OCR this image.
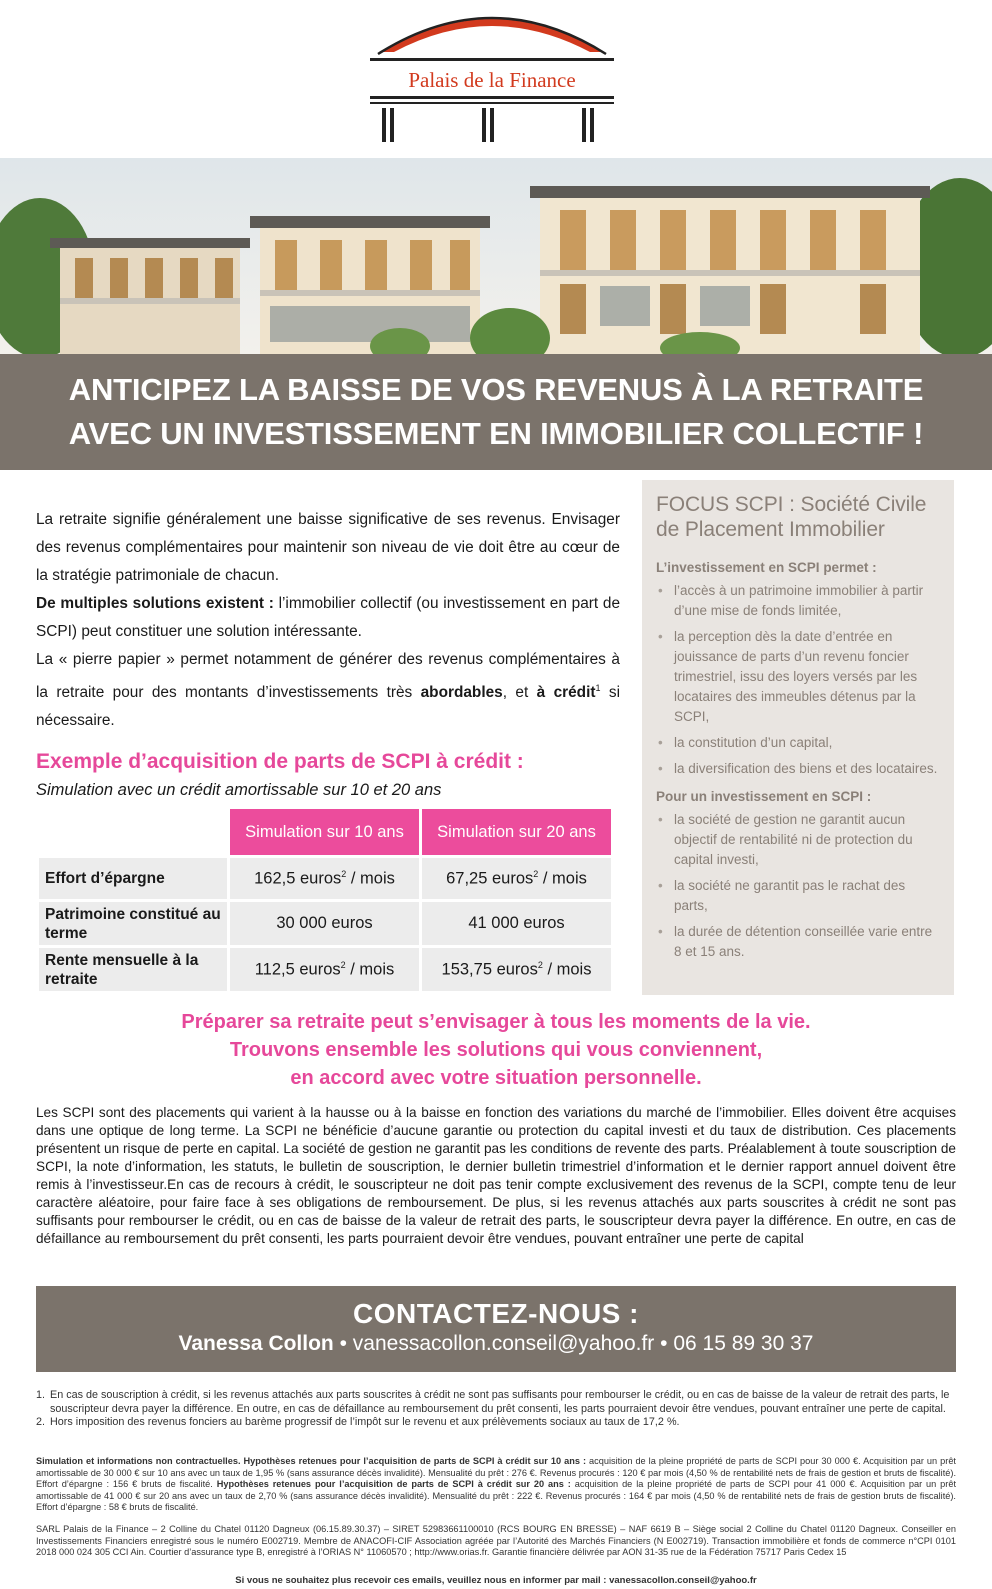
Palais de la Finance
ANTICIPEZ LA BAISSE DE VOS REVENUS À LA RETRAITE
AVEC UN INVESTISSEMENT EN IMMOBILIER COLLECTIF !

La retraite signifie généralement une baisse significative de ses revenus. Envisager des revenus complémentaires pour maintenir son niveau de vie doit être au cœur de la stratégie patrimoniale de chacun.

De multiples solutions existent : l’immobilier collectif (ou investissement en part de SCPI) peut constituer une solution intéressante.

La « pierre papier » permet notamment de générer des revenus complémentaires à la retraite pour des montants d’investissements très abordables, et à crédit$^1$ si nécessaire.

Exemple d’acquisition de parts de SCPI à crédit :
Simulation avec un crédit amortissable sur 10 et 20 ans
	Simulation sur 10 ans	Simulation sur 20 ans
Effort d’épargne	162,5 euros$^2$ / mois	67,25 euros$^2$ / mois
Patrimoine constitué au terme	30 000 euros	41 000 euros
Rente mensuelle à la retraite	112,5 euros$^2$ / mois	153,75 euros$^2$ / mois
FOCUS SCPI : Société Civile de Placement Immobilier
L’investissement en SCPI permet :
• l’accès à un patrimoine immobilier à partir d’une mise de fonds limitée,
• la perception dès la date d’entrée en jouissance de parts d’un revenu foncier trimestriel, issu des loyers versés par les locataires des immeubles détenus par la SCPI,
• la constitution d’un capital,
• la diversification des biens et des locataires.
Pour un investissement en SCPI :
• la société de gestion ne garantit aucun objectif de rentabilité ni de protection du capital investi,
• la société ne garantit pas le rachat des parts,
• la durée de détention conseillée varie entre 8 et 15 ans.
Préparer sa retraite peut s’envisager à tous les moments de la vie.
Trouvons ensemble les solutions qui vous conviennent,
en accord avec votre situation personnelle.
Les SCPI sont des placements qui varient à la hausse ou à la baisse en fonction des variations du marché de l’immobilier. Elles doivent être acquises dans une optique de long terme. La SCPI ne bénéficie d’aucune garantie ou protection du capital investi et du taux de distribution. Ces placements présentent un risque de perte en capital. La société de gestion ne garantit pas les conditions de revente des parts. Préalablement à toute souscription de SCPI, la note d’information, les statuts, le bulletin de souscription, le dernier bulletin trimestriel d’information et le dernier rapport annuel doivent être remis à l’investisseur.En cas de recours à crédit, le souscripteur ne doit pas tenir compte exclusivement des revenus de la SCPI, compte tenu de leur caractère aléatoire, pour faire face à ses obligations de remboursement. De plus, si les revenus attachés aux parts souscrites à crédit ne sont pas suffisants pour rembourser le crédit, ou en cas de baisse de la valeur de retrait des parts, le souscripteur devra payer la différence. En outre, en cas de défaillance au remboursement du prêt consenti, les parts pourraient devoir être vendues, pouvant entraîner une perte de capital
CONTACTEZ-NOUS :
Vanessa Collon • vanessacollon.conseil@yahoo.fr • 06 15 89 30 37
1. En cas de souscription à crédit, si les revenus attachés aux parts souscrites à crédit ne sont pas suffisants pour rembourser le crédit, ou en cas de baisse de la valeur de retrait des parts, le souscripteur devra payer la différence. En outre, en cas de défaillance au remboursement du prêt consenti, les parts pourraient devoir être vendues, pouvant entraîner une perte de capital.
2. Hors imposition des revenus fonciers au barème progressif de l’impôt sur le revenu et aux prélèvements sociaux au taux de 17,2 %.
Simulation et informations non contractuelles. Hypothèses retenues pour l’acquisition de parts de SCPI à crédit sur 10 ans : acquisition de la pleine propriété de parts de SCPI pour 30 000 €. Acquisition par un prêt amortissable de 30 000 € sur 10 ans avec un taux de 1,95 % (sans assurance décès invalidité). Mensualité du prêt : 276 €. Revenus procurés : 120 € par mois (4,50 % de rentabilité nets de frais de gestion et bruts de fiscalité). Effort d’épargne : 156 € bruts de fiscalité. Hypothèses retenues pour l’acquisition de parts de SCPI à crédit sur 20 ans : acquisition de la pleine propriété de parts de SCPI pour 41 000 €. Acquisition par un prêt amortissable de 41 000 € sur 20 ans avec un taux de 2,70 % (sans assurance décès invalidité). Mensualité du prêt : 222 €. Revenus procurés : 164 € par mois (4,50 % de rentabilité nets de frais de gestion bruts de fiscalité). Effort d’épargne : 58 € bruts de fiscalité.
SARL Palais de la Finance – 2 Colline du Chatel 01120 Dagneux (06.15.89.30.37) – SIRET 52983661100010 (RCS BOURG EN BRESSE) – NAF 6619 B – Siège social 2 Colline du Chatel 01120 Dagneux. Conseiller en Investissements Financiers enregistré sous le numéro E002719. Membre de ANACOFI-CIF Association agréée par l’Autorité des Marchés Financiers (N E002719). Transaction immobilière et fonds de commerce n°CPI 0101 2018 000 024 305 CCI Ain. Courtier d’assurance type B, enregistré à l’ORIAS N° 11060570 ; http://www.orias.fr. Garantie financière délivrée par AON 31-35 rue de la Fédération 75717 Paris Cedex 15
Si vous ne souhaitez plus recevoir ces emails, veuillez nous en informer par mail : vanessacollon.conseil@yahoo.fr
